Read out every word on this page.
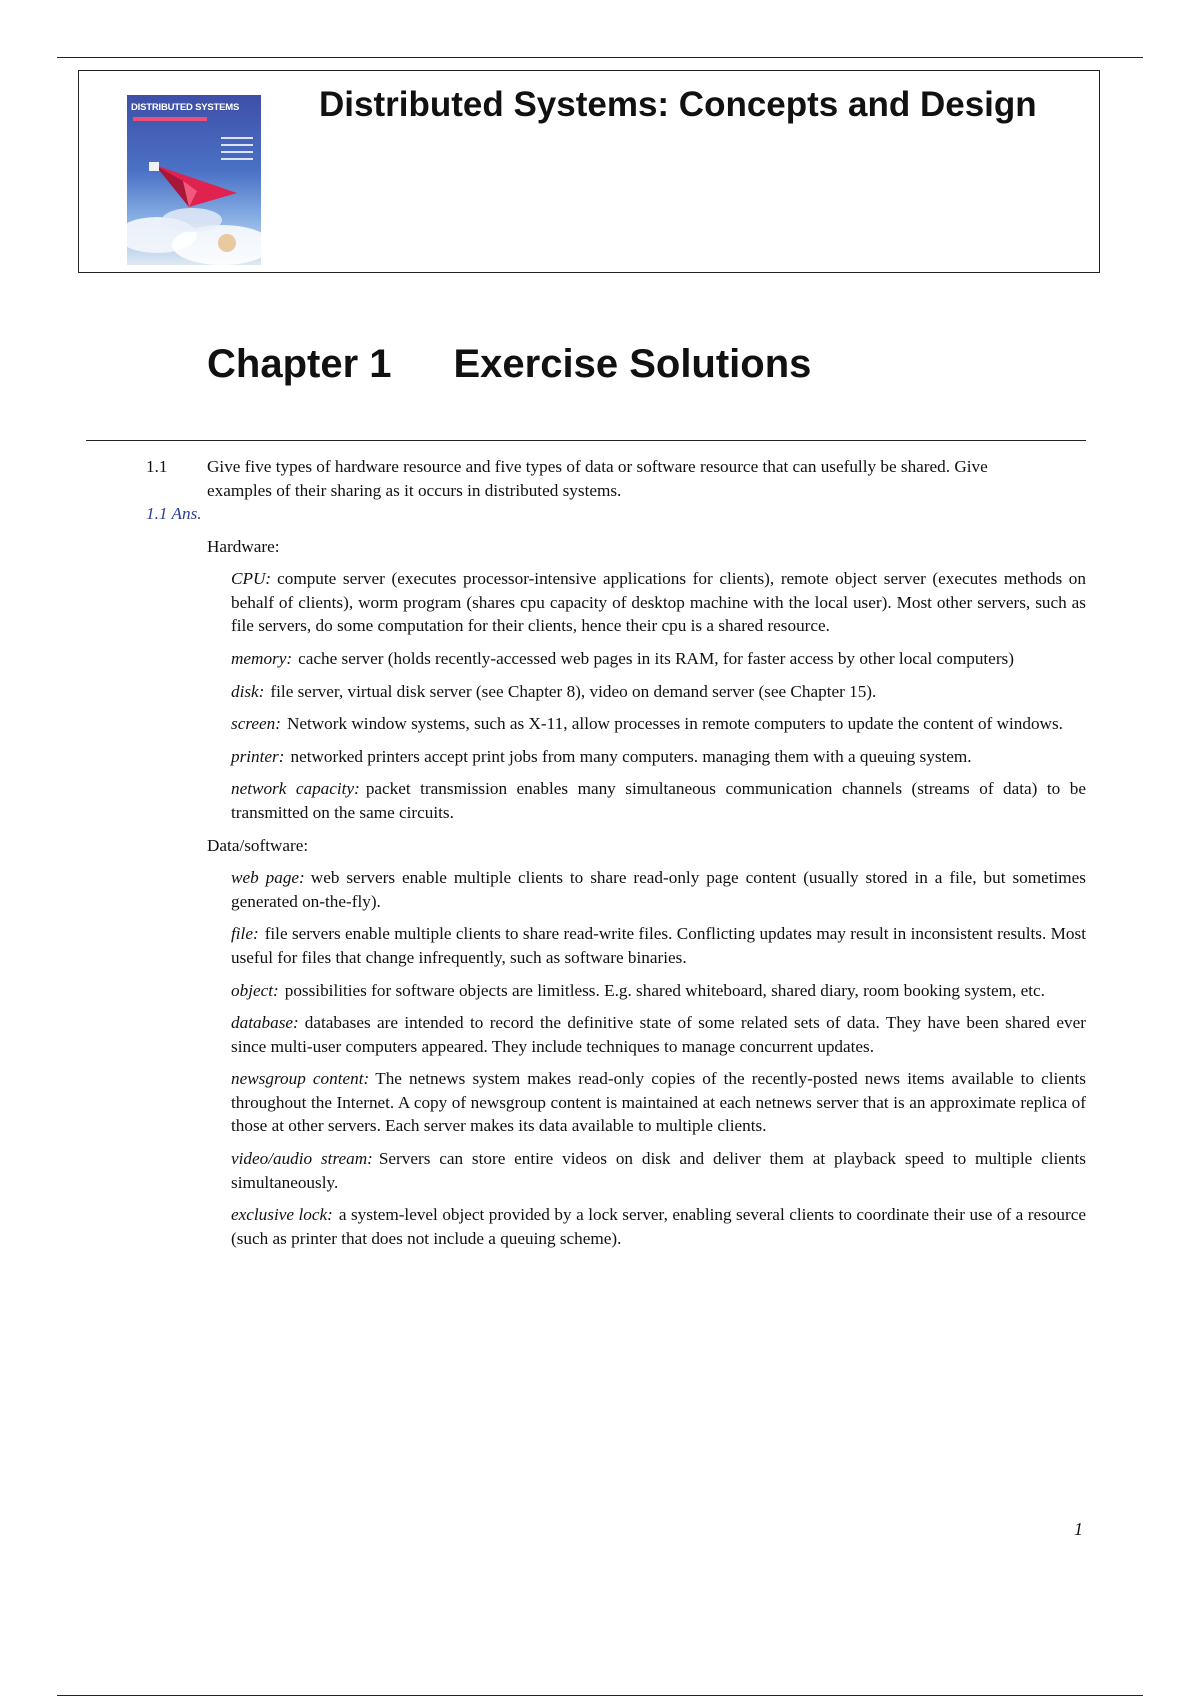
DISTRIBUTED SYSTEMS	Distributed Systems: Concepts and Design
Chapter 1 Exercise Solutions
1.1 Give five types of hardware resource and five types of data or software resource that can usefully be shared. Give examples of their sharing as it occurs in distributed systems.
1.1 Ans.
Hardware:
CPU: compute server (executes processor-intensive applications for clients), remote object server (executes methods on behalf of clients), worm program (shares cpu capacity of desktop machine with the local user). Most other servers, such as file servers, do some computation for their clients, hence their cpu is a shared resource.
memory: cache server (holds recently-accessed web pages in its RAM, for faster access by other local computers)
disk: file server, virtual disk server (see Chapter 8), video on demand server (see Chapter 15).
screen: Network window systems, such as X-11, allow processes in remote computers to update the content of windows.
printer: networked printers accept print jobs from many computers. managing them with a queuing system.
network capacity: packet transmission enables many simultaneous communication channels (streams of data) to be transmitted on the same circuits.
Data/software:
web page: web servers enable multiple clients to share read-only page content (usually stored in a file, but sometimes generated on-the-fly).
file: file servers enable multiple clients to share read-write files. Conflicting updates may result in inconsistent results. Most useful for files that change infrequently, such as software binaries.
object: possibilities for software objects are limitless. E.g. shared whiteboard, shared diary, room booking system, etc.
database: databases are intended to record the definitive state of some related sets of data. They have been shared ever since multi-user computers appeared. They include techniques to manage concurrent updates.
newsgroup content: The netnews system makes read-only copies of the recently-posted news items available to clients throughout the Internet. A copy of newsgroup content is maintained at each netnews server that is an approximate replica of those at other servers. Each server makes its data available to multiple clients.
video/audio stream: Servers can store entire videos on disk and deliver them at playback speed to multiple clients simultaneously.
exclusive lock: a system-level object provided by a lock server, enabling several clients to coordinate their use of a resource (such as printer that does not include a queuing scheme).
1
